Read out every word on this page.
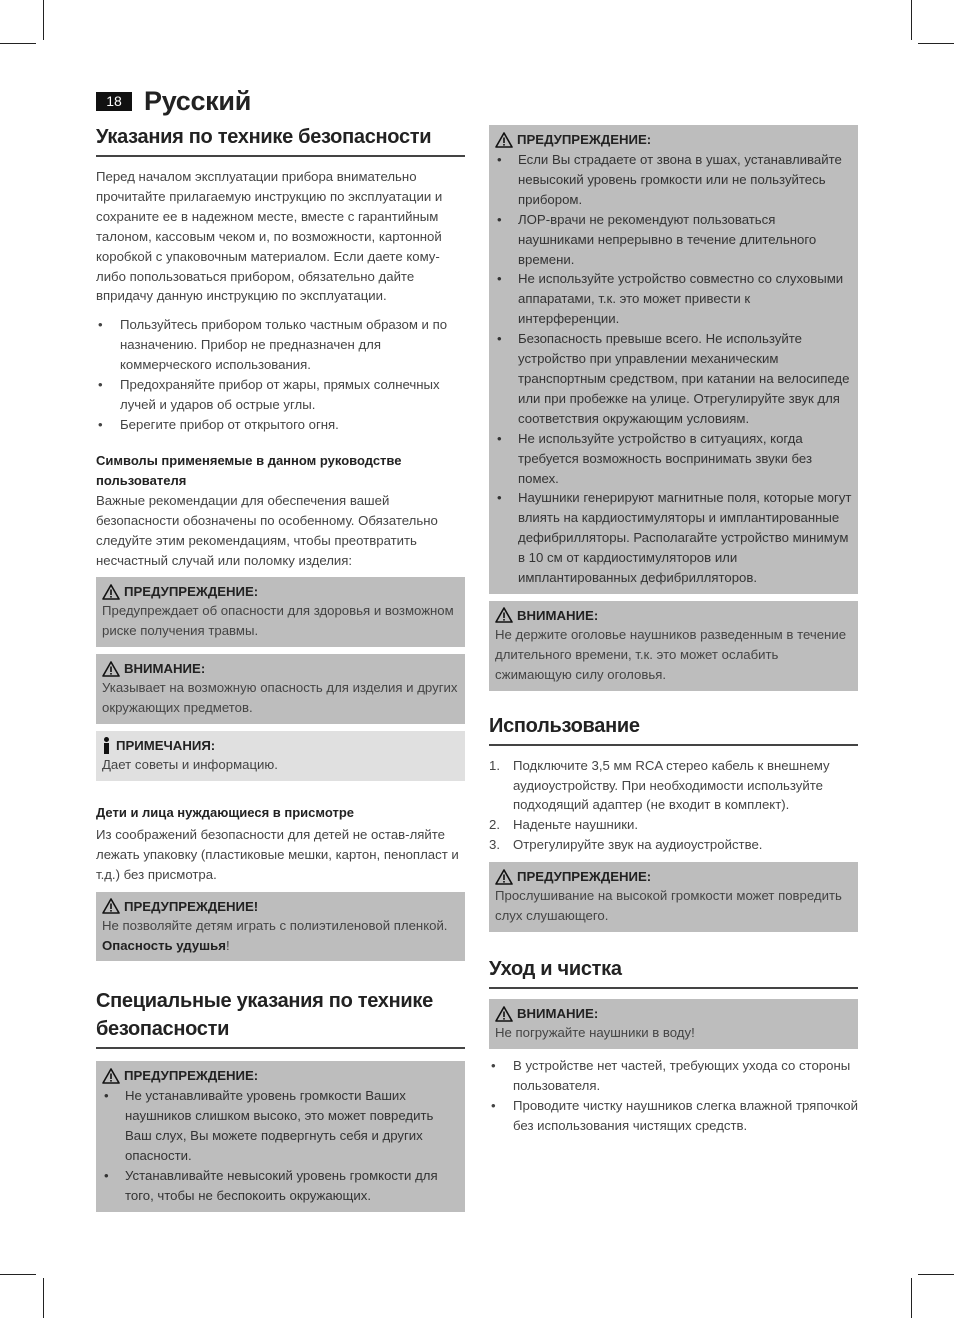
18 Русский
Указания по технике безопасности

Перед началом эксплуатации прибора внимательно прочитайте прилагаемую инструкцию по эксплуатации и сохраните ее в надежном месте, вместе с гарантийным талоном, кассовым чеком и, по возможности, картонной коробкой с упаковочным материалом. Если даете кому-либо попользоваться прибором, обязательно дайте впридачу данную инструкцию по эксплуатации.

• Пользуйтесь прибором только частным образом и по назначению. Прибор не предназначен для коммерческого использования.
• Предохраняйте прибор от жары, прямых солнечных лучей и ударов об острые углы.
• Берегите прибор от открытого огня.
Символы применяемые в данном руководстве пользователя

Важные рекомендации для обеспечения вашей безопасности обозначены по особенному. Обязательно следуйте этим рекомендациям, чтобы преотвратить несчастный случай или поломку изделия:

ПРЕДУПРЕЖДЕНИЕ:

Предупреждает об опасности для здоровья и возможном риске получения травмы.

ВНИМАНИЕ:

Указывает на возможную опасность для изделия и других окружающих предметов.

ПРИМЕЧАНИЯ:

Дает советы и информацию.

Дети и лица нуждающиеся в присмотре

Из соображений безопасности для детей не остав-ляйте лежать упаковку (пластиковые мешки, картон, пенопласт и т.д.) без присмотра.

ПРЕДУПРЕЖДЕНИЕ!

Не позволяйте детям играть с полиэтиленовой пленкой. Опасность удушья!

Специальные указания по технике безопасности
ПРЕДУПРЕЖДЕНИЕ:
• Не устанавливайте уровень громкости Ваших наушников слишком высоко, это может повредить Ваш слух, Вы можете подвергнуть себя и других опасности.
• Устанавливайте невысокий уровень громкости для того, чтобы не беспокоить окружающих.
ПРЕДУПРЕЖДЕНИЕ:
• Если Вы страдаете от звона в ушах, устанавливайте невысокий уровень громкости или не пользуйтесь прибором.
• ЛОР-врачи не рекомендуют пользоваться наушниками непрерывно в течение длительного времени.
• Не используйте устройство совместно со слуховыми аппаратами, т.к. это может привести к интерференции.
• Безопасность превыше всего. Не используйте устройство при управлении механическим транспортным средством, при катании на велосипеде или при пробежке на улице. Отрегулируйте звук для соответствия окружающим условиям.
• Не используйте устройство в ситуациях, когда требуется возможность воспринимать звуки без помех.
• Наушники генерируют магнитные поля, которые могут влиять на кардиостимуляторы и имплантированные дефибрилляторы. Располагайте устройство минимум в 10 см от кардиостимуляторов или имплантированных дефибрилляторов.
ВНИМАНИЕ:

Не держите оголовье наушников разведенным в течение длительного времени, т.к. это может ослабить сжимающую силу оголовья.

Использование
1. Подключите 3,5 мм RCA стерео кабель к внешнему аудиоустройству. При необходимости используйте подходящий адаптер (не входит в комплект).
2. Наденьте наушники.
3. Отрегулируйте звук на аудиоустройстве.
ПРЕДУПРЕЖДЕНИЕ:

Прослушивание на высокой громкости может повредить слух слушающего.

Уход и чистка
ВНИМАНИЕ:

Не погружайте наушники в воду!

• В устройстве нет частей, требующих ухода со стороны пользователя.
• Проводите чистку наушников слегка влажной тряпочкой без использования чистящих средств.
